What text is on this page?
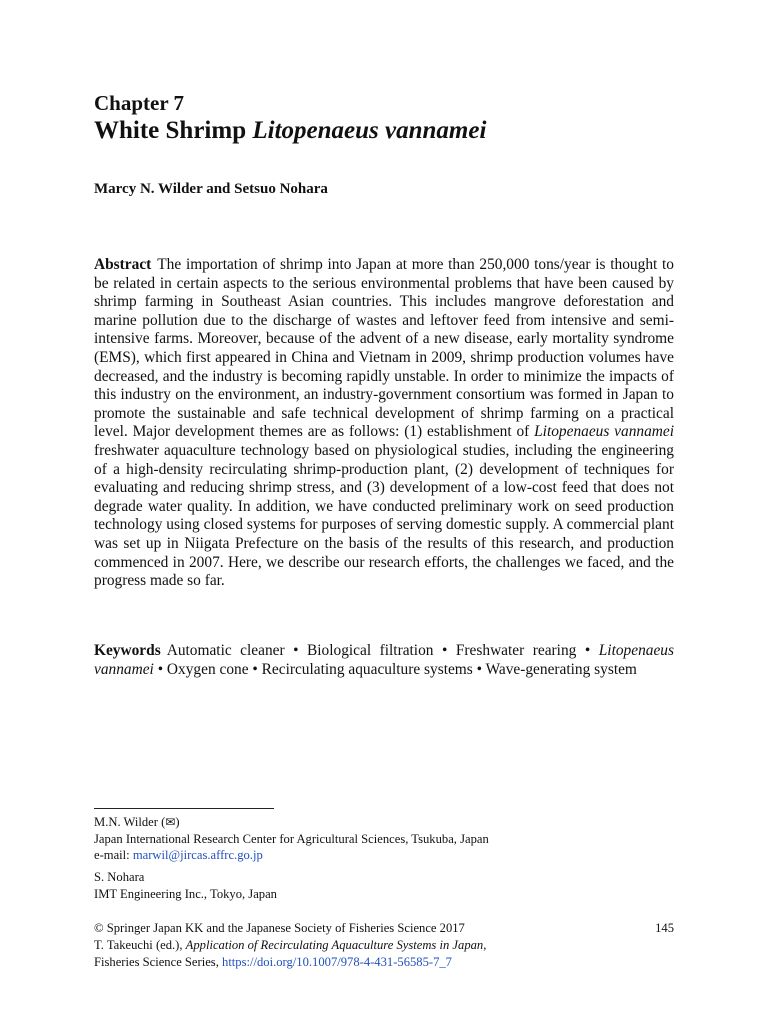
Chapter 7
White Shrimp Litopenaeus vannamei
Marcy N. Wilder and Setsuo Nohara

Abstract The importation of shrimp into Japan at more than 250,000 tons/year is thought to be related in certain aspects to the serious environmental problems that have been caused by shrimp farming in Southeast Asian countries. This includes mangrove deforestation and marine pollution due to the discharge of wastes and leftover feed from intensive and semi-intensive farms. Moreover, because of the advent of a new disease, early mortality syndrome (EMS), which first appeared in China and Vietnam in 2009, shrimp production volumes have decreased, and the industry is becoming rapidly unstable. In order to minimize the impacts of this industry on the environment, an industry-government consortium was formed in Japan to promote the sustainable and safe technical development of shrimp farming on a practical level. Major development themes are as follows: (1) establishment of Litopenaeus vannamei freshwater aquaculture technology based on physiological studies, including the engineering of a high-density recirculating shrimp-production plant, (2) development of techniques for evaluating and reducing shrimp stress, and (3) development of a low-cost feed that does not degrade water quality. In addition, we have conducted preliminary work on seed production technology using closed systems for purposes of serving domestic supply. A commercial plant was set up in Niigata Prefecture on the basis of the results of this research, and production commenced in 2007. Here, we describe our research efforts, the challenges we faced, and the progress made so far.

Keywords Automatic cleaner • Biological filtration • Freshwater rearing • Litopenaeus vannamei • Oxygen cone • Recirculating aquaculture systems • Wave-generating system

M.N. Wilder (✉)
Japan International Research Center for Agricultural Sciences, Tsukuba, Japan
e-mail: marwil@jircas.affrc.go.jp
S. Nohara
IMT Engineering Inc., Tokyo, Japan
© Springer Japan KK and the Japanese Society of Fisheries Science 2017	145
T. Takeuchi (ed.), Application of Recirculating Aquaculture Systems in Japan,
Fisheries Science Series, https://doi.org/10.1007/978-4-431-56585-7_7
